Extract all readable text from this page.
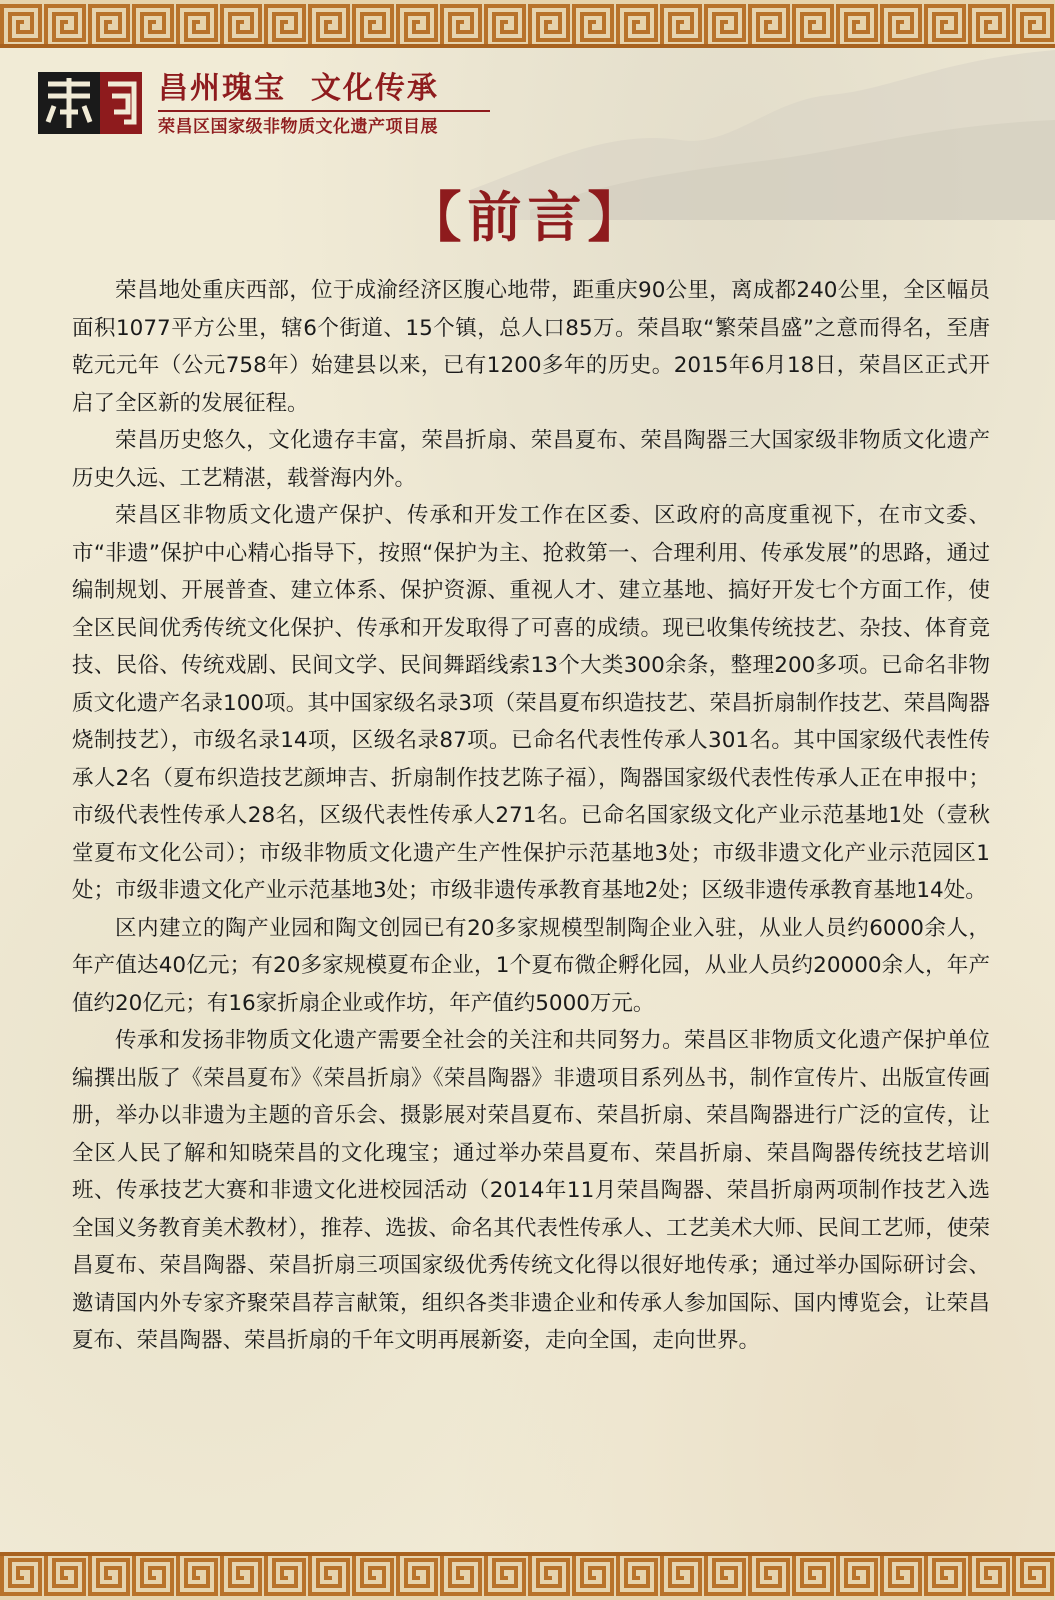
昌州瑰宝  文化传承
荣昌区国家级非物质文化遗产项目展
【前言】

荣昌地处重庆西部，位于成渝经济区腹心地带，距重庆90公里，离成都240公里，全区幅员面积1077平方公里，辖6个街道、15个镇，总人口85万。荣昌取“繁荣昌盛”之意而得名，至唐乾元元年（公元758年）始建县以来，已有1200多年的历史。2015年6月18日，荣昌区正式开启了全区新的发展征程。

荣昌历史悠久，文化遗存丰富，荣昌折扇、荣昌夏布、荣昌陶器三大国家级非物质文化遗产历史久远、工艺精湛，载誉海内外。

荣昌区非物质文化遗产保护、传承和开发工作在区委、区政府的高度重视下，在市文委、市“非遗”保护中心精心指导下，按照“保护为主、抢救第一、合理利用、传承发展”的思路，通过编制规划、开展普查、建立体系、保护资源、重视人才、建立基地、搞好开发七个方面工作，使全区民间优秀传统文化保护、传承和开发取得了可喜的成绩。现已收集传统技艺、杂技、体育竞技、民俗、传统戏剧、民间文学、民间舞蹈线索13个大类300余条，整理200多项。已命名非物质文化遗产名录100项。其中国家级名录3项（荣昌夏布织造技艺、荣昌折扇制作技艺、荣昌陶器烧制技艺），市级名录14项，区级名录87项。已命名代表性传承人301名。其中国家级代表性传承人2名（夏布织造技艺颜坤吉、折扇制作技艺陈子福），陶器国家级代表性传承人正在申报中；市级代表性传承人28名，区级代表性传承人271名。已命名国家级文化产业示范基地1处（壹秋堂夏布文化公司）；市级非物质文化遗产生产性保护示范基地3处；市级非遗文化产业示范园区1处；市级非遗文化产业示范基地3处；市级非遗传承教育基地2处；区级非遗传承教育基地14处。

区内建立的陶产业园和陶文创园已有20多家规模型制陶企业入驻，从业人员约6000余人，年产值达40亿元；有20多家规模夏布企业，1个夏布微企孵化园，从业人员约20000余人，年产值约20亿元；有16家折扇企业或作坊，年产值约5000万元。

传承和发扬非物质文化遗产需要全社会的关注和共同努力。荣昌区非物质文化遗产保护单位编撰出版了《荣昌夏布》《荣昌折扇》《荣昌陶器》非遗项目系列丛书，制作宣传片、出版宣传画册，举办以非遗为主题的音乐会、摄影展对荣昌夏布、荣昌折扇、荣昌陶器进行广泛的宣传，让全区人民了解和知晓荣昌的文化瑰宝；通过举办荣昌夏布、荣昌折扇、荣昌陶器传统技艺培训班、传承技艺大赛和非遗文化进校园活动（2014年11月荣昌陶器、荣昌折扇两项制作技艺入选全国义务教育美术教材），推荐、选拔、命名其代表性传承人、工艺美术大师、民间工艺师，使荣昌夏布、荣昌陶器、荣昌折扇三项国家级优秀传统文化得以很好地传承；通过举办国际研讨会、邀请国内外专家齐聚荣昌荐言献策，组织各类非遗企业和传承人参加国际、国内博览会，让荣昌夏布、荣昌陶器、荣昌折扇的千年文明再展新姿，走向全国，走向世界。
